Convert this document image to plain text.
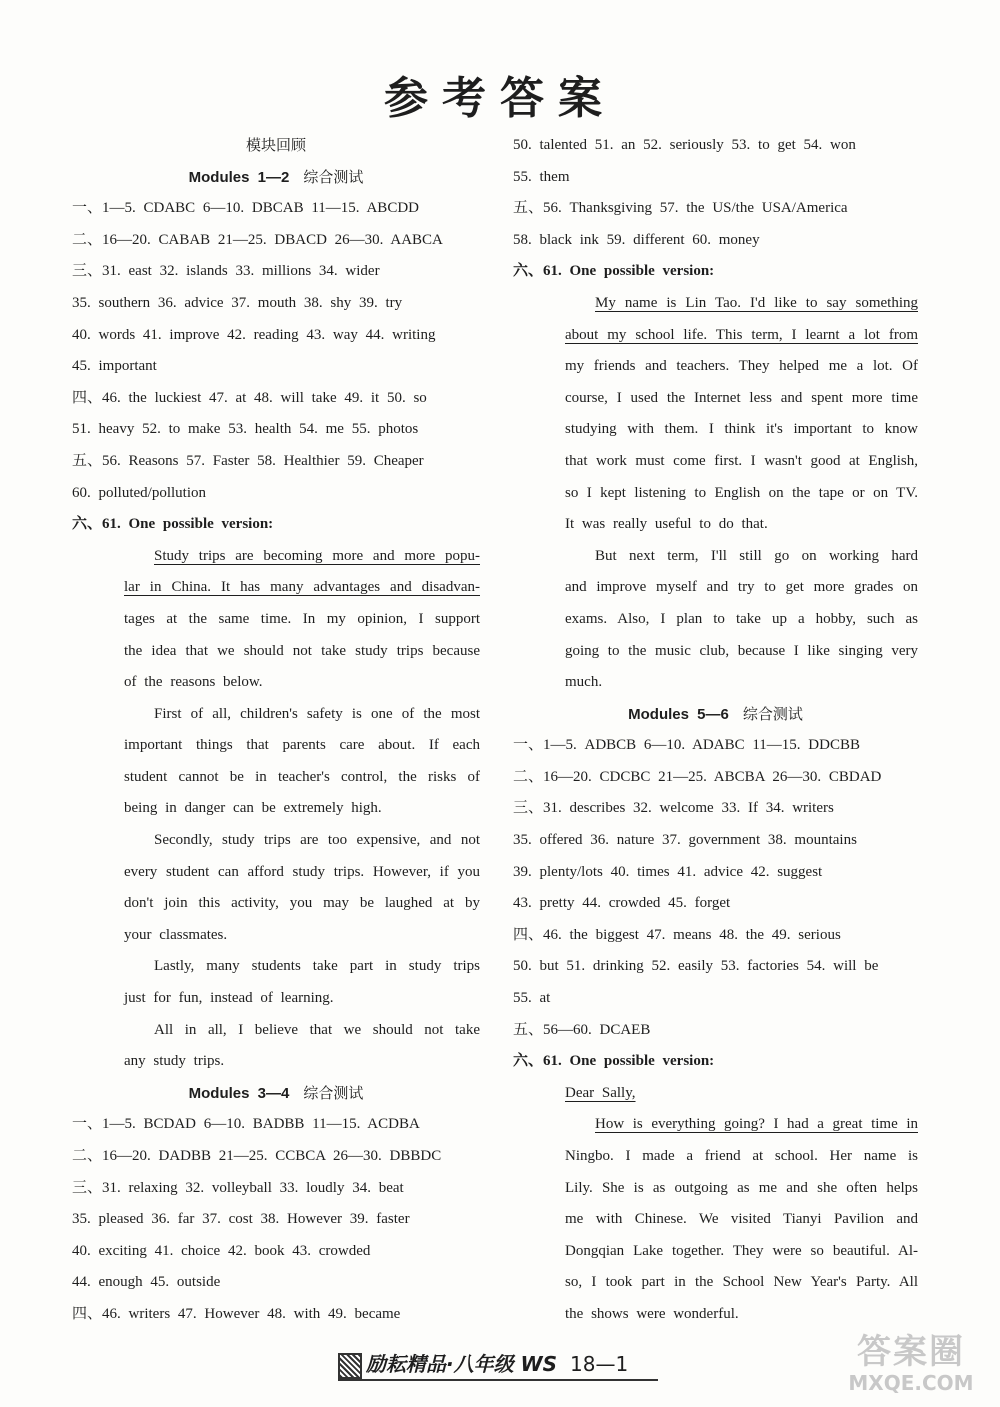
参考答案
模块回顾
Modules 1—2 综合测试
一、1—5. CDABC 6—10. DBCAB 11—15. ABCDD
二、16—20. CABAB 21—25. DBACD 26—30. AABCA
三、31. east 32. islands 33. millions 34. wider
35. southern 36. advice 37. mouth 38. shy 39. try
40. words 41. improve 42. reading 43. way 44. writing
45. important
四、46. the luckiest 47. at 48. will take 49. it 50. so
51. heavy 52. to make 53. health 54. me 55. photos
五、56. Reasons 57. Faster 58. Healthier 59. Cheaper
60. polluted/pollution
六、61. One possible version:
Study trips are becoming more and more popu-
lar in China. It has many advantages and disadvan-
tages at the same time. In my opinion, I support
the idea that we should not take study trips because
of the reasons below.
First of all, children's safety is one of the most
important things that parents care about. If each
student cannot be in teacher's control, the risks of
being in danger can be extremely high.
Secondly, study trips are too expensive, and not
every student can afford study trips. However, if you
don't join this activity, you may be laughed at by
your classmates.
Lastly, many students take part in study trips
just for fun, instead of learning.
All in all, I believe that we should not take
any study trips.
Modules 3—4 综合测试
一、1—5. BCDAD 6—10. BADBB 11—15. ACDBA
二、16—20. DADBB 21—25. CCBCA 26—30. DBBDC
三、31. relaxing 32. volleyball 33. loudly 34. beat
35. pleased 36. far 37. cost 38. However 39. faster
40. exciting 41. choice 42. book 43. crowded
44. enough 45. outside
四、46. writers 47. However 48. with 49. became
50. talented 51. an 52. seriously 53. to get 54. won
55. them
五、56. Thanksgiving 57. the US/the USA/America
58. black ink 59. different 60. money
六、61. One possible version:
My name is Lin Tao. I'd like to say something
about my school life. This term, I learnt a lot from
my friends and teachers. They helped me a lot. Of
course, I used the Internet less and spent more time
studying with them. I think it's important to know
that work must come first. I wasn't good at English,
so I kept listening to English on the tape or on TV.
It was really useful to do that.
But next term, I'll still go on working hard
and improve myself and try to get more grades on
exams. Also, I plan to take up a hobby, such as
going to the music club, because I like singing very
much.
Modules 5—6 综合测试
一、1—5. ADBCB 6—10. ADABC 11—15. DDCBB
二、16—20. CDCBC 21—25. ABCBA 26—30. CBDAD
三、31. describes 32. welcome 33. If 34. writers
35. offered 36. nature 37. government 38. mountains
39. plenty/lots 40. times 41. advice 42. suggest
43. pretty 44. crowded 45. forget
四、46. the biggest 47. means 48. the 49. serious
50. but 51. drinking 52. easily 53. factories 54. will be
55. at
五、56—60. DCAEB
六、61. One possible version:
Dear Sally,
How is everything going? I had a great time in
Ningbo. I made a friend at school. Her name is
Lily. She is as outgoing as me and she often helps
me with Chinese. We visited Tianyi Pavilion and
Dongqian Lake together. They were so beautiful. Al-
so, I took part in the School New Year's Party. All
the shows were wonderful.
励耘精品·八年级 WS 18—1	答案圈
MXQE.COM
